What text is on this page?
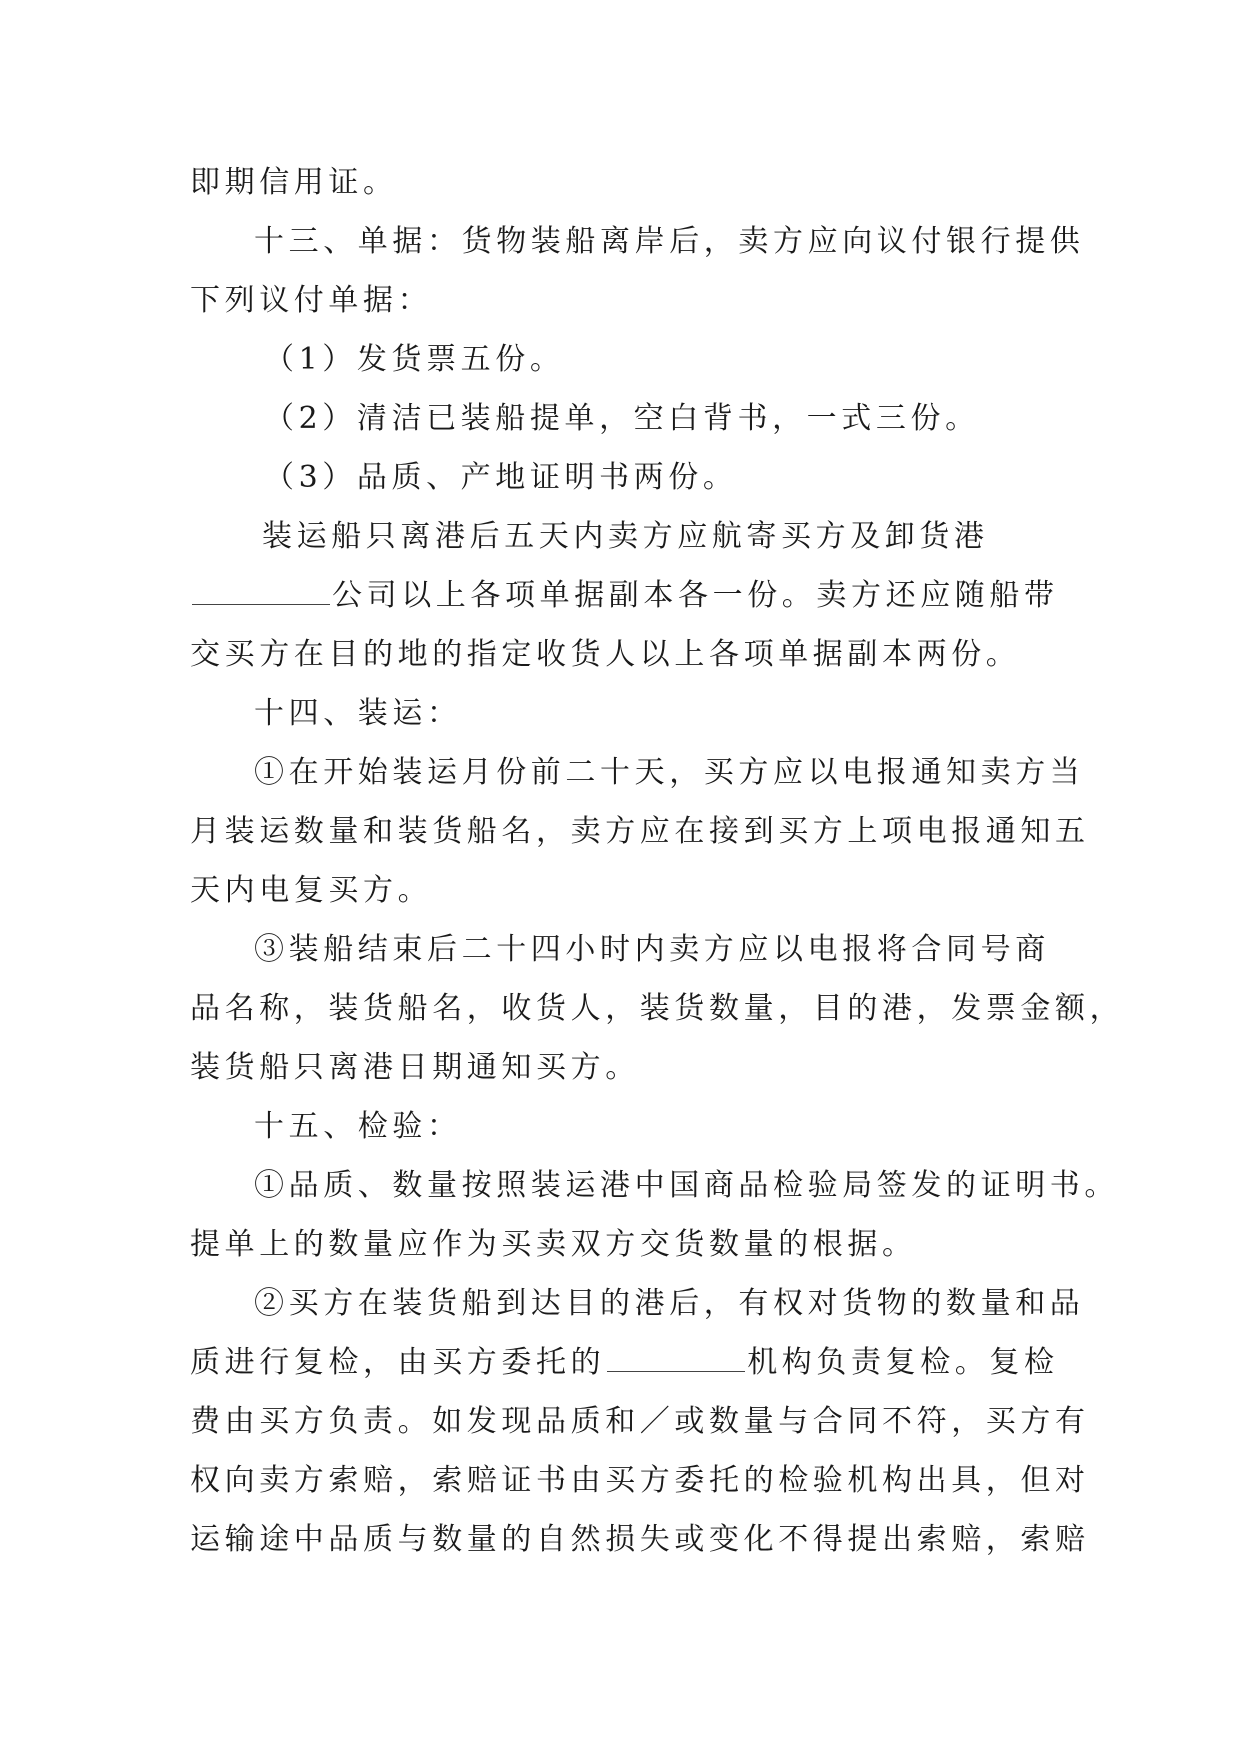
即期信用证。

十三、单据：货物装船离岸后，卖方应向议付银行提供

下列议付单据：

（1）发货票五份。

（2）清洁已装船提单，空白背书，一式三份。

（3）品质、产地证明书两份。

装运船只离港后五天内卖方应航寄买方及卸货港

公司以上各项单据副本各一份。卖方还应随船带

交买方在目的地的指定收货人以上各项单据副本两份。

十四、装运：

①在开始装运月份前二十天，买方应以电报通知卖方当

月装运数量和装货船名，卖方应在接到买方上项电报通知五

天内电复买方。

③装船结束后二十四小时内卖方应以电报将合同号商

品名称，装货船名，收货人，装货数量，目的港，发票金额，

装货船只离港日期通知买方。

十五、检验：

①品质、数量按照装运港中国商品检验局签发的证明书。

提单上的数量应作为买卖双方交货数量的根据。

②买方在装货船到达目的港后，有权对货物的数量和品

质进行复检，由买方委托的	机构负责复检。复检

费由买方负责。如发现品质和／或数量与合同不符，买方有

权向卖方索赔，索赔证书由买方委托的检验机构出具，但对

运输途中品质与数量的自然损失或变化不得提出索赔，索赔
